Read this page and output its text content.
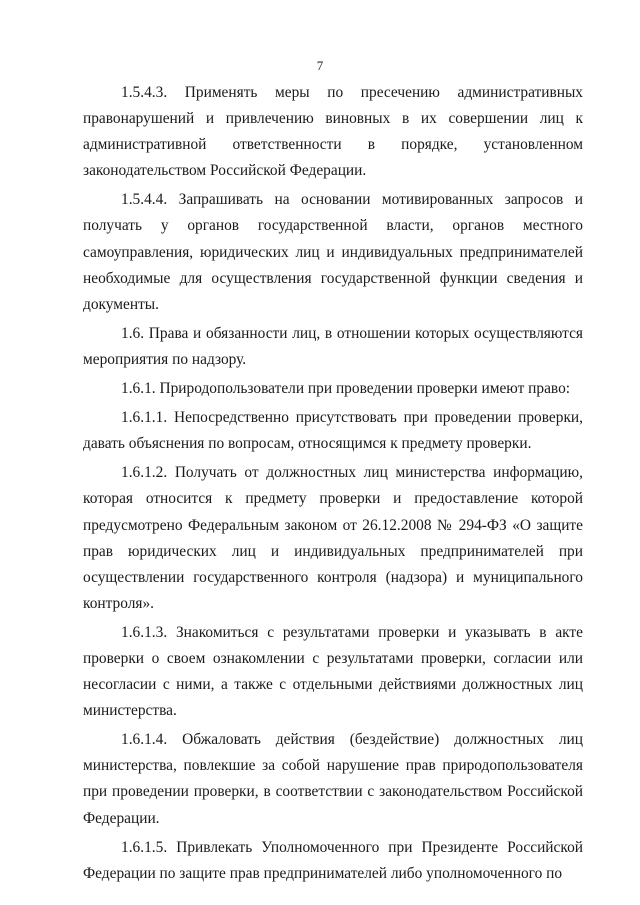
7

1.5.4.3. Применять меры по пресечению административных правонарушений и привлечению виновных в их совершении лиц к административной ответственности в порядке, установленном законодательством Российской Федерации.

1.5.4.4. Запрашивать на основании мотивированных запросов и получать у органов государственной власти, органов местного самоуправления, юридических лиц и индивидуальных предпринимателей необходимые для осуществления государственной функции сведения и документы.

1.6. Права и обязанности лиц, в отношении которых осуществляются мероприятия по надзору.

1.6.1. Природопользователи при проведении проверки имеют право:

1.6.1.1. Непосредственно присутствовать при проведении проверки, давать объяснения по вопросам, относящимся к предмету проверки.

1.6.1.2. Получать от должностных лиц министерства информацию, которая относится к предмету проверки и предоставление которой предусмотрено Федеральным законом от 26.12.2008 № 294-ФЗ «О защите прав юридических лиц и индивидуальных предпринимателей при осуществлении государственного контроля (надзора) и муниципального контроля».

1.6.1.3. Знакомиться с результатами проверки и указывать в акте проверки о своем ознакомлении с результатами проверки, согласии или несогласии с ними, а также с отдельными действиями должностных лиц министерства.

1.6.1.4. Обжаловать действия (бездействие) должностных лиц министерства, повлекшие за собой нарушение прав природопользователя при проведении проверки, в соответствии с законодательством Российской Федерации.

1.6.1.5. Привлекать Уполномоченного при Президенте Российской Федерации по защите прав предпринимателей либо уполномоченного по
